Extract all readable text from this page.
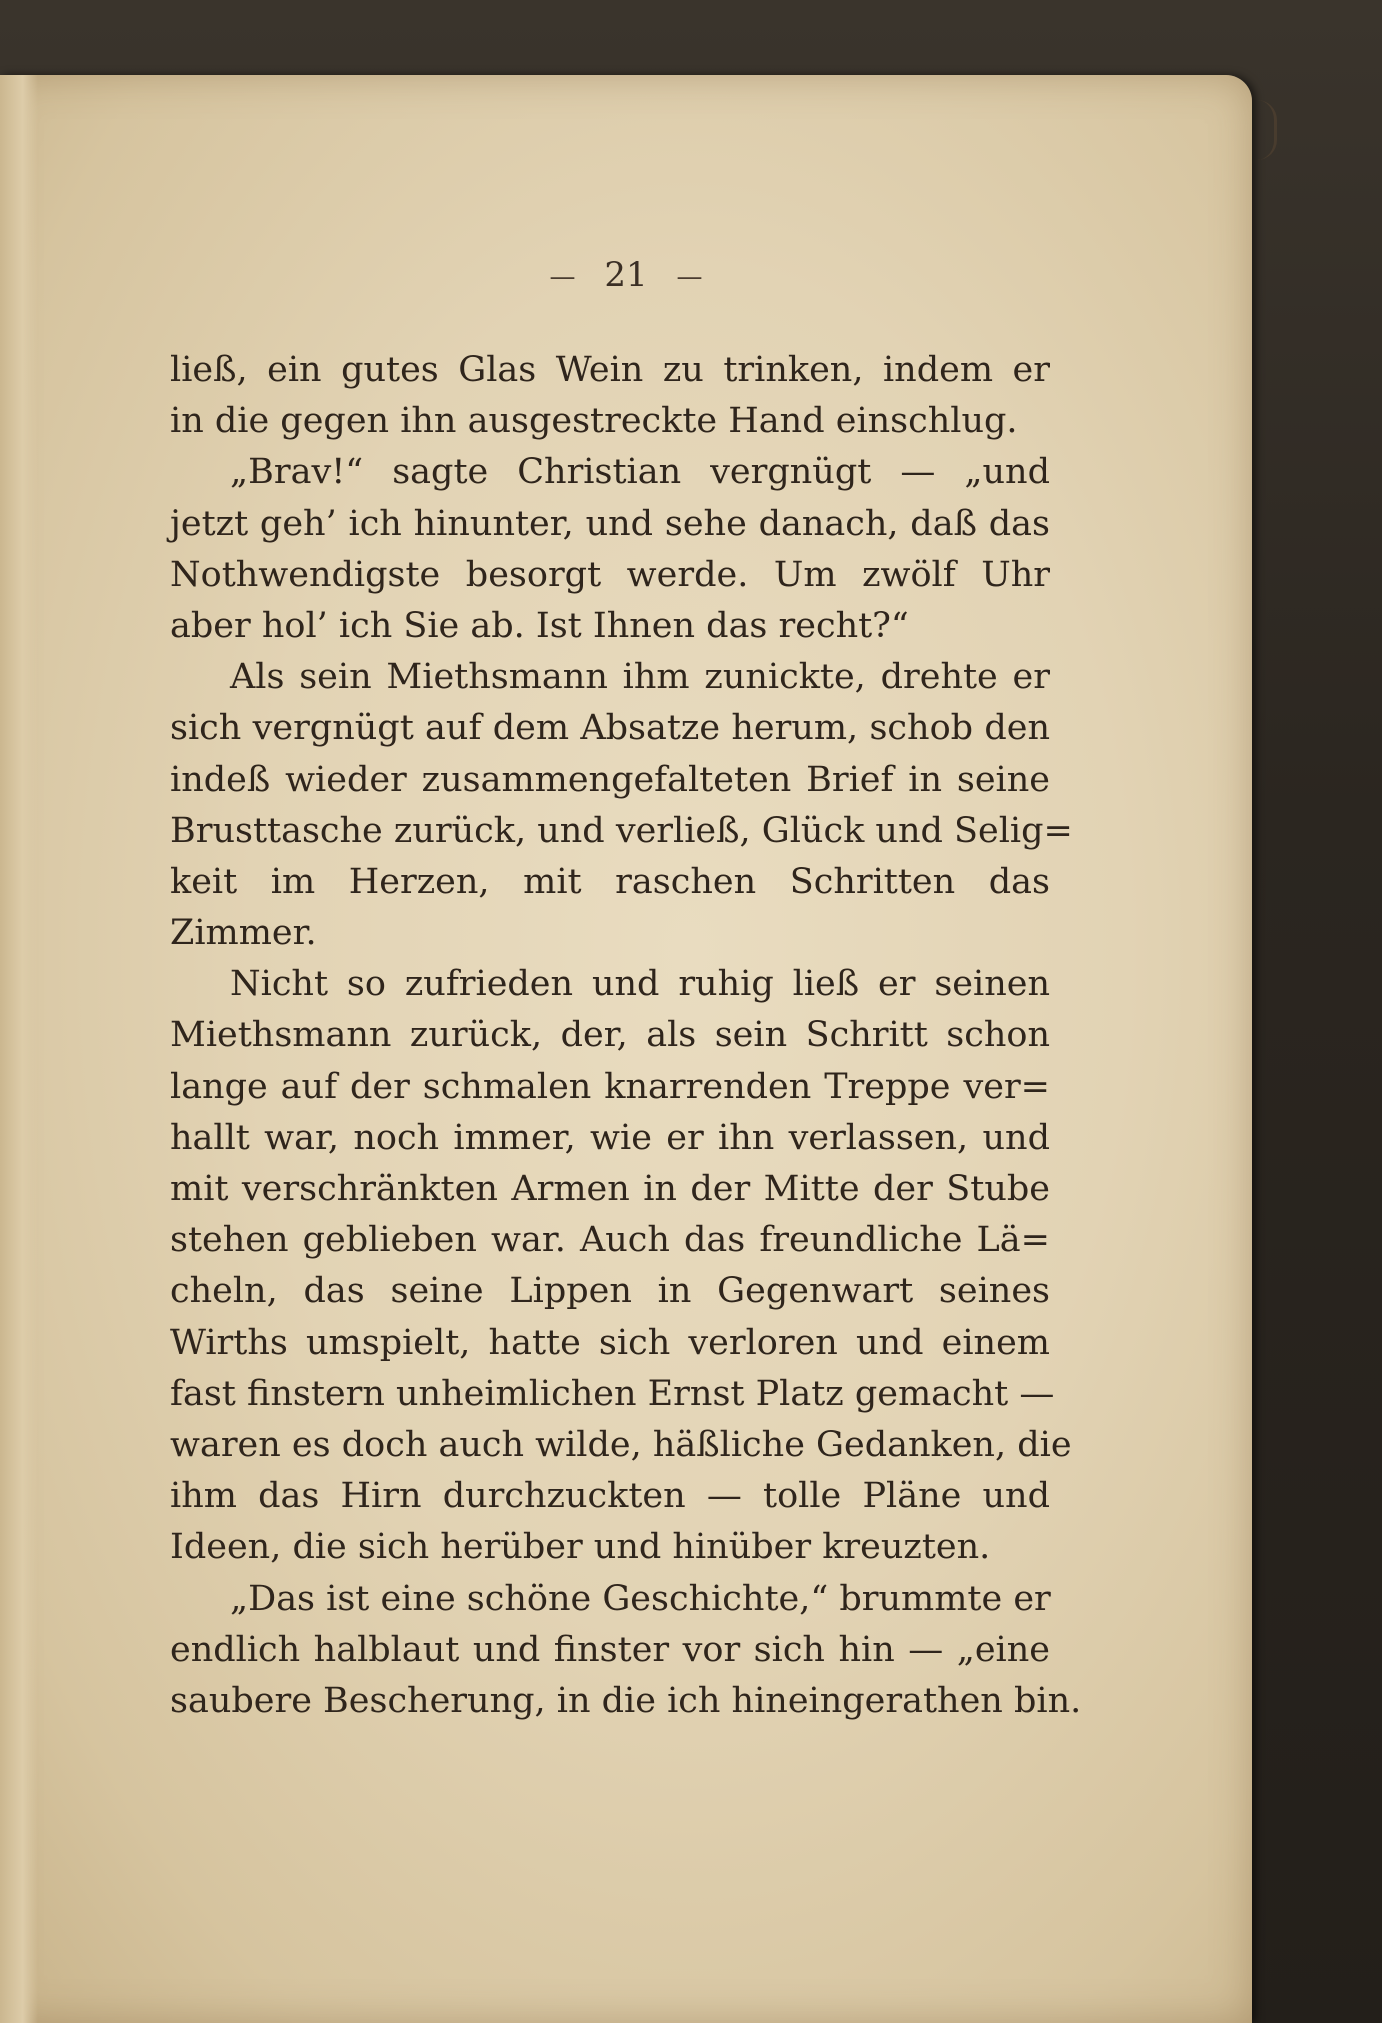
— 21 —
ließ, ein gutes Glas Wein zu trinken, indem er
in die gegen ihn ausgestreckte Hand einschlug.
„Brav!“ sagte Christian vergnügt — „und
jetzt geh’ ich hinunter, und sehe danach, daß das
Nothwendigste besorgt werde. Um zwölf Uhr
aber hol’ ich Sie ab. Ist Ihnen das recht?“
Als sein Miethsmann ihm zunickte, drehte er
sich vergnügt auf dem Absatze herum, schob den
indeß wieder zusammengefalteten Brief in seine
Brusttasche zurück, und verließ, Glück und Selig=
keit im Herzen, mit raschen Schritten das
Zimmer.
Nicht so zufrieden und ruhig ließ er seinen
Miethsmann zurück, der, als sein Schritt schon
lange auf der schmalen knarrenden Treppe ver=
hallt war, noch immer, wie er ihn verlassen, und
mit verschränkten Armen in der Mitte der Stube
stehen geblieben war. Auch das freundliche Lä=
cheln, das seine Lippen in Gegenwart seines
Wirths umspielt, hatte sich verloren und einem
fast finstern unheimlichen Ernst Platz gemacht —
waren es doch auch wilde, häßliche Gedanken, die
ihm das Hirn durchzuckten — tolle Pläne und
Ideen, die sich herüber und hinüber kreuzten.
„Das ist eine schöne Geschichte,“ brummte er
endlich halblaut und finster vor sich hin — „eine
saubere Bescherung, in die ich hineingerathen bin.
